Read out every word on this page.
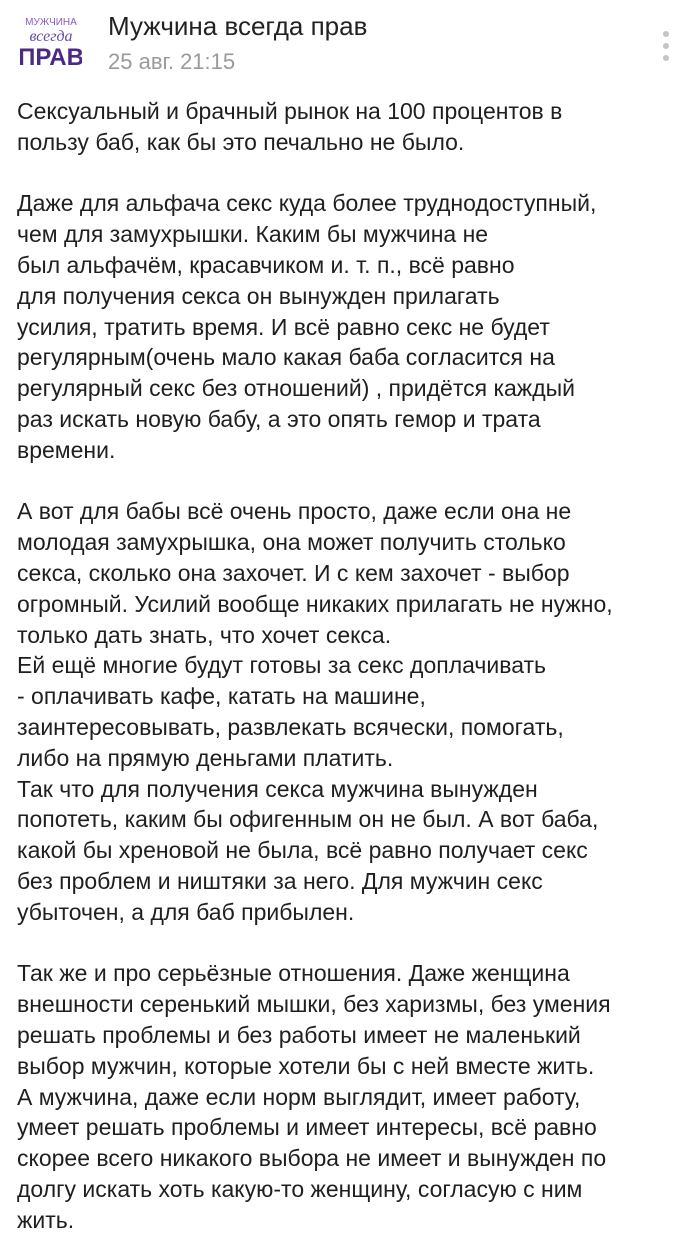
МУЖЧИНА
всегда
ПРАВ
Мужчина всегда прав
25 авг. 21:15
Сексуальный и брачный рынок на 100 процентов в
пользу баб, как бы это печально не было.
Даже для альфача секс куда более труднодоступный,
чем для замухрышки. Каким бы мужчина не
был альфачём, красавчиком и. т. п., всё равно
для получения секса он вынужден прилагать
усилия, тратить время. И всё равно секс не будет
регулярным(очень мало какая баба согласится на
регулярный секс без отношений) , придётся каждый
раз искать новую бабу, а это опять гемор и трата
времени.
А вот для бабы всё очень просто, даже если она не
молодая замухрышка, она может получить столько
секса, сколько она захочет. И с кем захочет - выбор
огромный. Усилий вообще никаких прилагать не нужно,
только дать знать, что хочет секса.
Ей ещё многие будут готовы за секс доплачивать
- оплачивать кафе, катать на машине,
заинтересовывать, развлекать всячески, помогать,
либо на прямую деньгами платить.
Так что для получения секса мужчина вынужден
попотеть, каким бы офигенным он не был. А вот баба,
какой бы хреновой не была, всё равно получает секс
без проблем и ништяки за него. Для мужчин секс
убыточен, а для баб прибылен.
Так же и про серьёзные отношения. Даже женщина
внешности серенький мышки, без харизмы, без умения
решать проблемы и без работы имеет не маленький
выбор мужчин, которые хотели бы с ней вместе жить.
А мужчина, даже если норм выглядит, имеет работу,
умеет решать проблемы и имеет интересы, всё равно
скорее всего никакого выбора не имеет и вынужден по
долгу искать хоть какую-то женщину, согласую с ним
жить.
